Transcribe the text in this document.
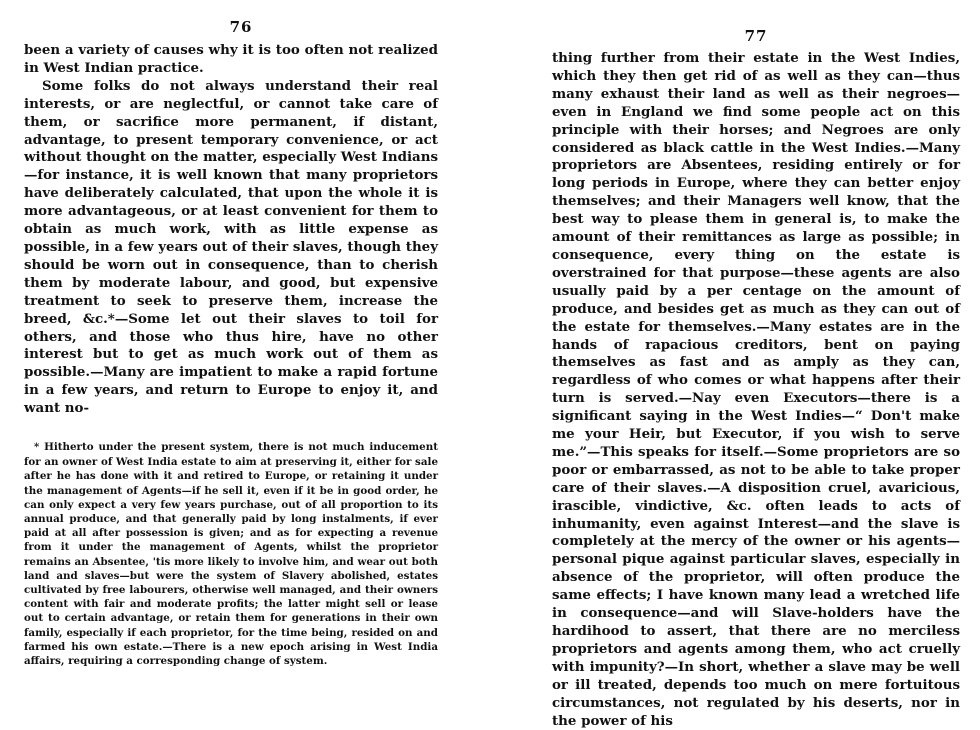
76

been a variety of causes why it is too often not realized in West Indian practice.

Some folks do not always understand their real interests, or are neglectful, or cannot take care of them, or sacrifice more permanent, if distant, advantage, to present temporary convenience, or act without thought on the matter, especially West Indians—for instance, it is well known that many proprietors have deliberately calculated, that upon the whole it is more advantageous, or at least convenient for them to obtain as much work, with as little expense as possible, in a few years out of their slaves, though they should be worn out in consequence, than to cherish them by moderate labour, and good, but expensive treatment to seek to preserve them, increase the breed, &c.*—Some let out their slaves to toil for others, and those who thus hire, have no other interest but to get as much work out of them as possible.—Many are impatient to make a rapid fortune in a few years, and return to Europe to enjoy it, and want no-

* Hitherto under the present system, there is not much inducement for an owner of West India estate to aim at preserving it, either for sale after he has done with it and retired to Europe, or retaining it under the management of Agents—if he sell it, even if it be in good order, he can only expect a very few years purchase, out of all proportion to its annual produce, and that generally paid by long instalments, if ever paid at all after possession is given; and as for expecting a revenue from it under the management of Agents, whilst the proprietor remains an Absentee, 'tis more likely to involve him, and wear out both land and slaves—but were the system of Slavery abolished, estates cultivated by free labourers, otherwise well managed, and their owners content with fair and moderate profits; the latter might sell or lease out to certain advantage, or retain them for generations in their own family, especially if each proprietor, for the time being, resided on and farmed his own estate.—There is a new epoch arising in West India affairs, requiring a corresponding change of system.
77

thing further from their estate in the West Indies, which they then get rid of as well as they can—thus many exhaust their land as well as their negroes—even in England we find some people act on this principle with their horses; and Negroes are only considered as black cattle in the West Indies.—Many proprietors are Absentees, residing entirely or for long periods in Europe, where they can better enjoy themselves; and their Managers well know, that the best way to please them in general is, to make the amount of their remittances as large as possible; in consequence, every thing on the estate is overstrained for that purpose—these agents are also usually paid by a per centage on the amount of produce, and besides get as much as they can out of the estate for themselves.—Many estates are in the hands of rapacious creditors, bent on paying themselves as fast and as amply as they can, regardless of who comes or what happens after their turn is served.—Nay even Executors—there is a significant saying in the West Indies—“ Don't make me your Heir, but Executor, if you wish to serve me.”—This speaks for itself.—Some proprietors are so poor or embarrassed, as not to be able to take proper care of their slaves.—A disposition cruel, avaricious, irascible, vindictive, &c. often leads to acts of inhumanity, even against Interest—and the slave is completely at the mercy of the owner or his agents—personal pique against particular slaves, especially in absence of the proprietor, will often produce the same effects; I have known many lead a wretched life in consequence—and will Slave-holders have the hardihood to assert, that there are no merciless proprietors and agents among them, who act cruelly with impunity?—In short, whether a slave may be well or ill treated, depends too much on mere fortuitous circumstances, not regulated by his deserts, nor in the power of his
